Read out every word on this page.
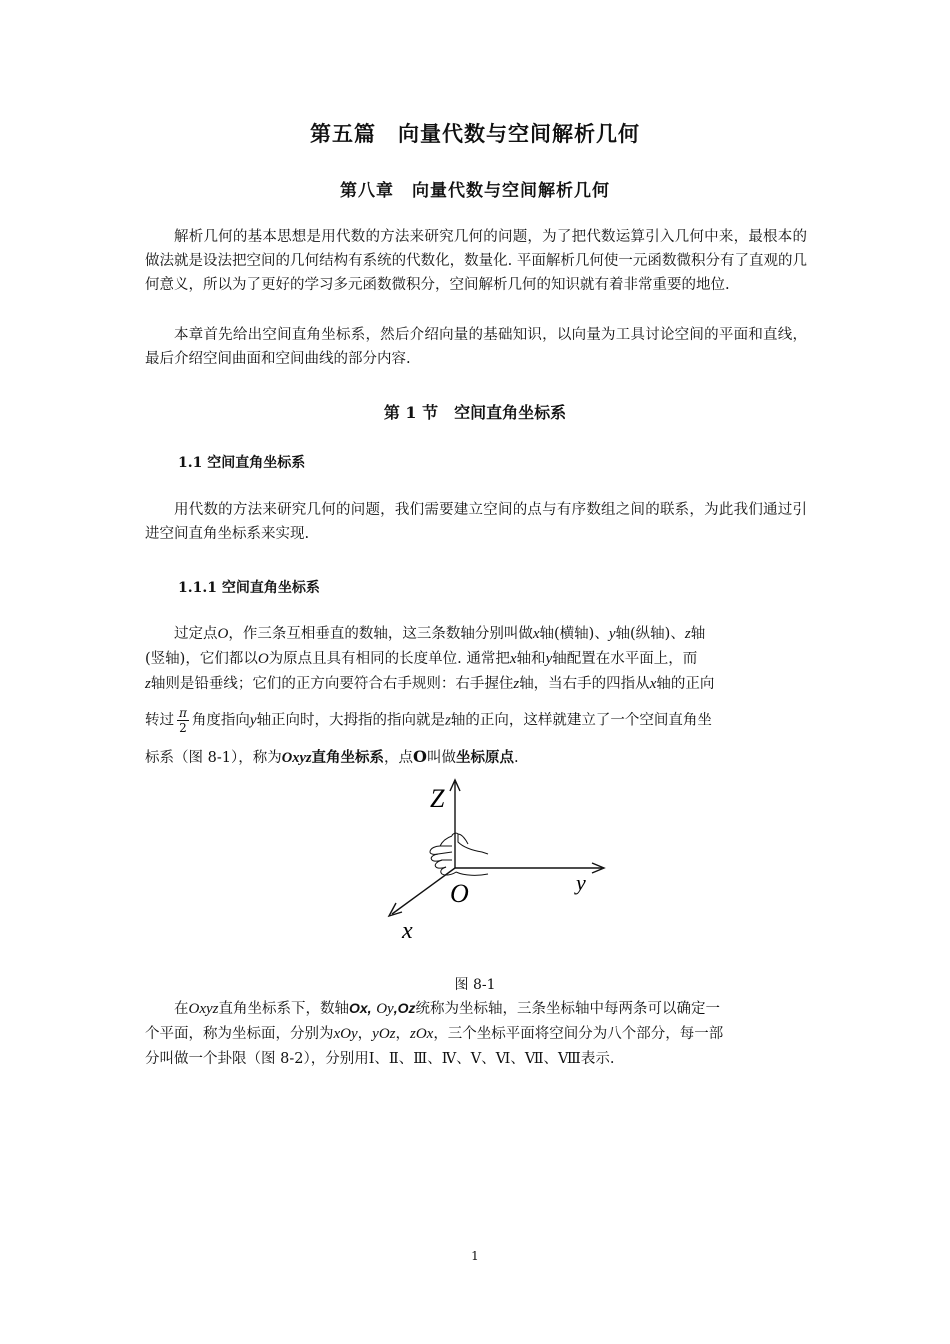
第五篇　向量代数与空间解析几何
第八章　向量代数与空间解析几何

解析几何的基本思想是用代数的方法来研究几何的问题，为了把代数运算引入几何中来，最根本的做法就是设法把空间的几何结构有系统的代数化，数量化. 平面解析几何使一元函数微积分有了直观的几何意义，所以为了更好的学习多元函数微积分，空间解析几何的知识就有着非常重要的地位.

本章首先给出空间直角坐标系，然后介绍向量的基础知识，以向量为工具讨论空间的平面和直线，最后介绍空间曲面和空间曲线的部分内容.

第 1 节　空间直角坐标系
1.1 空间直角坐标系

用代数的方法来研究几何的问题，我们需要建立空间的点与有序数组之间的联系，为此我们通过引进空间直角坐标系来实现.

1.1.1 空间直角坐标系
过定点O，作三条互相垂直的数轴，这三条数轴分别叫做x轴(横轴)、y轴(纵轴)、z轴
(竖轴)，它们都以O为原点且具有相同的长度单位. 通常把x轴和y轴配置在水平面上，而
z轴则是铅垂线；它们的正方向要符合右手规则：右手握住z轴，当右手的四指从x轴的正向
转过 $\frac{\pi}{2}$ 角度指向y轴正向时，大拇指的指向就是z轴的正向，这样就建立了一个空间直角坐
标系（图 8-1），称为Oxyz直角坐标系，点O叫做坐标原点.
Z
y
x
O
图 8-1
在Oxyz直角坐标系下，数轴Ox, Oy,Oz统称为坐标轴，三条坐标轴中每两条可以确定一
个平面，称为坐标面，分别为xOy，yOz，zOx，三个坐标平面将空间分为八个部分，每一部
分叫做一个卦限（图 8-2），分别用Ⅰ、Ⅱ、Ⅲ、Ⅳ、Ⅴ、Ⅵ、Ⅶ、Ⅷ表示.
1
